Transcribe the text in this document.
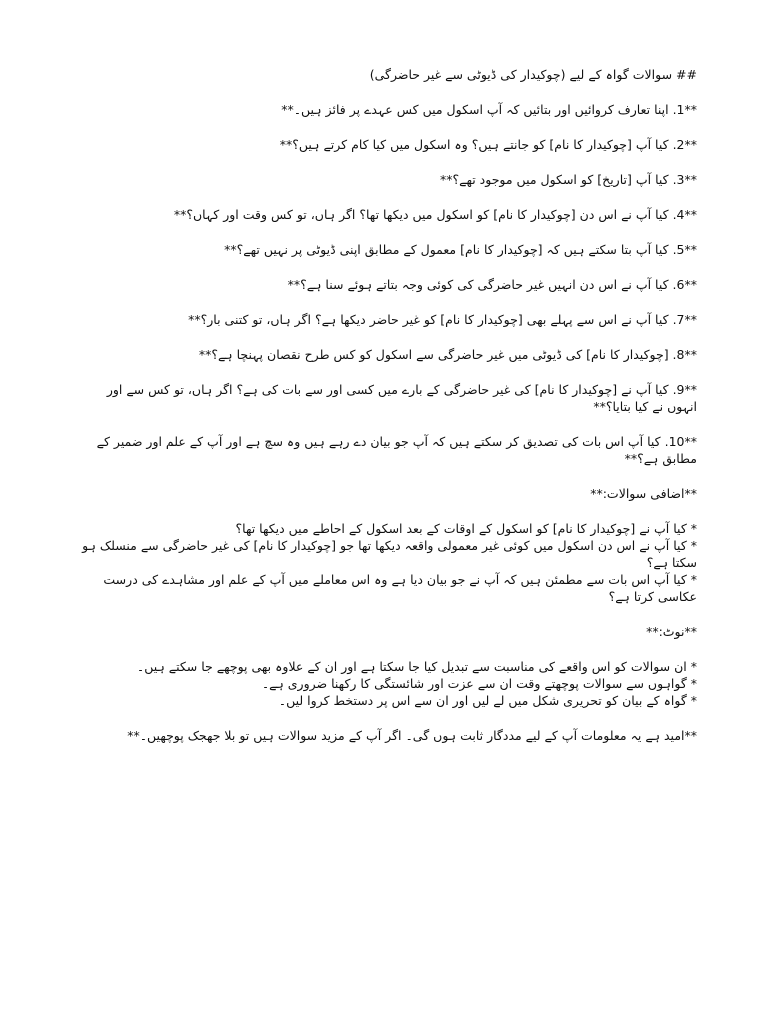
## سوالات گواہ کے لیے (چوکیدار کی ڈیوٹی سے غیر حاضرگی)

**1. اپنا تعارف کروائیں اور بتائیں کہ آپ اسکول میں کس عہدے پر فائز ہیں۔**

**2. کیا آپ [چوکیدار کا نام] کو جانتے ہیں؟ وہ اسکول میں کیا کام کرتے ہیں؟**

**3. کیا آپ [تاریخ] کو اسکول میں موجود تھے؟**

**4. کیا آپ نے اس دن [چوکیدار کا نام] کو اسکول میں دیکھا تھا؟ اگر ہاں، تو کس وقت اور کہاں؟**

**5. کیا آپ بتا سکتے ہیں کہ [چوکیدار کا نام] معمول کے مطابق اپنی ڈیوٹی پر نہیں تھے؟**

**6. کیا آپ نے اس دن انہیں غیر حاضرگی کی کوئی وجہ بتاتے ہوئے سنا ہے؟**

**7. کیا آپ نے اس سے پہلے بھی [چوکیدار کا نام] کو غیر حاضر دیکھا ہے؟ اگر ہاں، تو کتنی بار؟**

**8. [چوکیدار کا نام] کی ڈیوٹی میں غیر حاضرگی سے اسکول کو کس طرح نقصان پہنچا ہے؟**

**9. کیا آپ نے [چوکیدار کا نام] کی غیر حاضرگی کے بارے میں کسی اور سے بات کی ہے؟ اگر ہاں، تو کس سے اور انہوں نے کیا بتایا؟**

**10. کیا آپ اس بات کی تصدیق کر سکتے ہیں کہ آپ جو بیان دے رہے ہیں وہ سچ ہے اور آپ کے علم اور ضمیر کے مطابق ہے؟**

**اضافی سوالات:**

* کیا آپ نے [چوکیدار کا نام] کو اسکول کے اوقات کے بعد اسکول کے احاطے میں دیکھا تھا؟

* کیا آپ نے اس دن اسکول میں کوئی غیر معمولی واقعہ دیکھا تھا جو [چوکیدار کا نام] کی غیر حاضرگی سے منسلک ہو سکتا ہے؟

* کیا آپ اس بات سے مطمئن ہیں کہ آپ نے جو بیان دیا ہے وہ اس معاملے میں آپ کے علم اور مشاہدے کی درست عکاسی کرتا ہے؟

**نوٹ:**

* ان سوالات کو اس واقعے کی مناسبت سے تبدیل کیا جا سکتا ہے اور ان کے علاوہ بھی پوچھے جا سکتے ہیں۔

* گواہوں سے سوالات پوچھتے وقت ان سے عزت اور شائستگی کا رکھنا ضروری ہے۔

* گواہ کے بیان کو تحریری شکل میں لے لیں اور ان سے اس پر دستخط کروا لیں۔

**امید ہے یہ معلومات آپ کے لیے مددگار ثابت ہوں گی۔ اگر آپ کے مزید سوالات ہیں تو بلا جھجک پوچھیں۔**
